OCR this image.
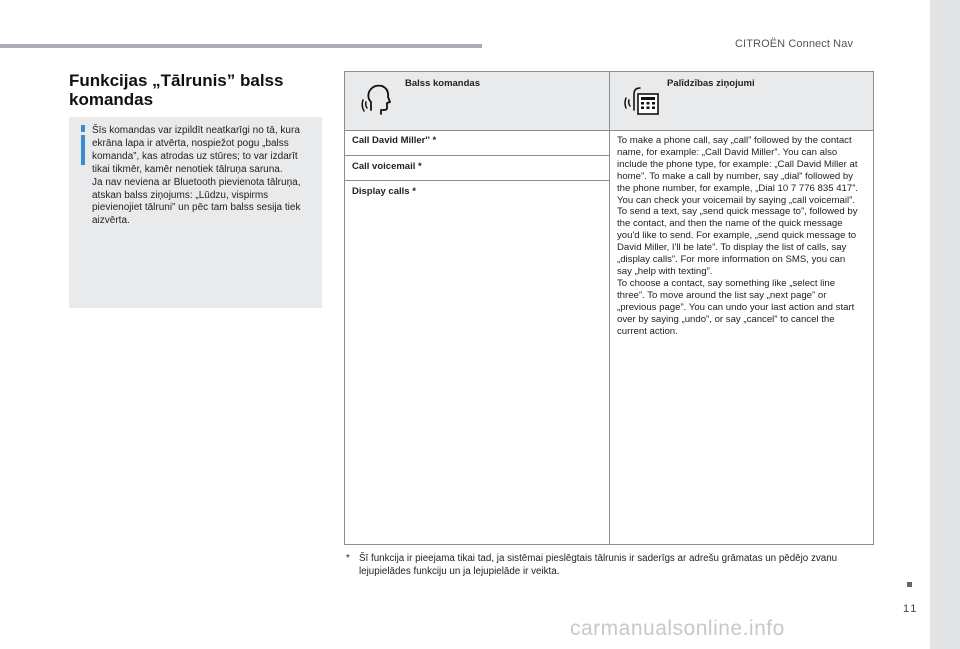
CITROËN Connect Nav
Funkcijas „Tālrunis” balss komandas
Šīs komandas var izpildīt neatkarīgi no tā, kura ekrāna lapa ir atvērta, nospiežot pogu „balss komanda”, kas atrodas uz stūres; to var izdarīt tikai tikmēr, kamēr nenotiek tālruņa saruna.
Ja nav neviena ar Bluetooth pievienota tālruņa, atskan balss ziņojums: „Lūdzu, vispirms pievienojiet tālruni” un pēc tam balss sesija tiek aizvērta.
Balss komandas	Palīdzības ziņojumi
Call David Miller'' *
Call voicemail *
Display calls *
To make a phone call, say „call” followed by the contact name, for example: „Call David Miller”. You can also include the phone type, for example: „Call David Miller at home”. To make a call by number, say „dial” followed by the phone number, for example, „Dial 10 7 776 835 417”. You can check your voicemail by saying „call voicemail”. To send a text, say „send quick message to”, followed by the contact, and then the name of the quick message you'd like to send. For example, „send quick message to David Miller, I'll be late”. To display the list of calls, say „display calls”. For more information on SMS, you can say „help with texting”.
To choose a contact, say something like „select line three”. To move around the list say „next page” or „previous page”. You can undo your last action and start over by saying „undo”, or say „cancel” to cancel the current action.
* Šī funkcija ir pieejama tikai tad, ja sistēmai pieslēgtais tālrunis ir saderīgs ar adrešu grāmatas un pēdējo zvanu lejupielādes funkciju un ja lejupielāde ir veikta.
11
carmanualsonline.info
